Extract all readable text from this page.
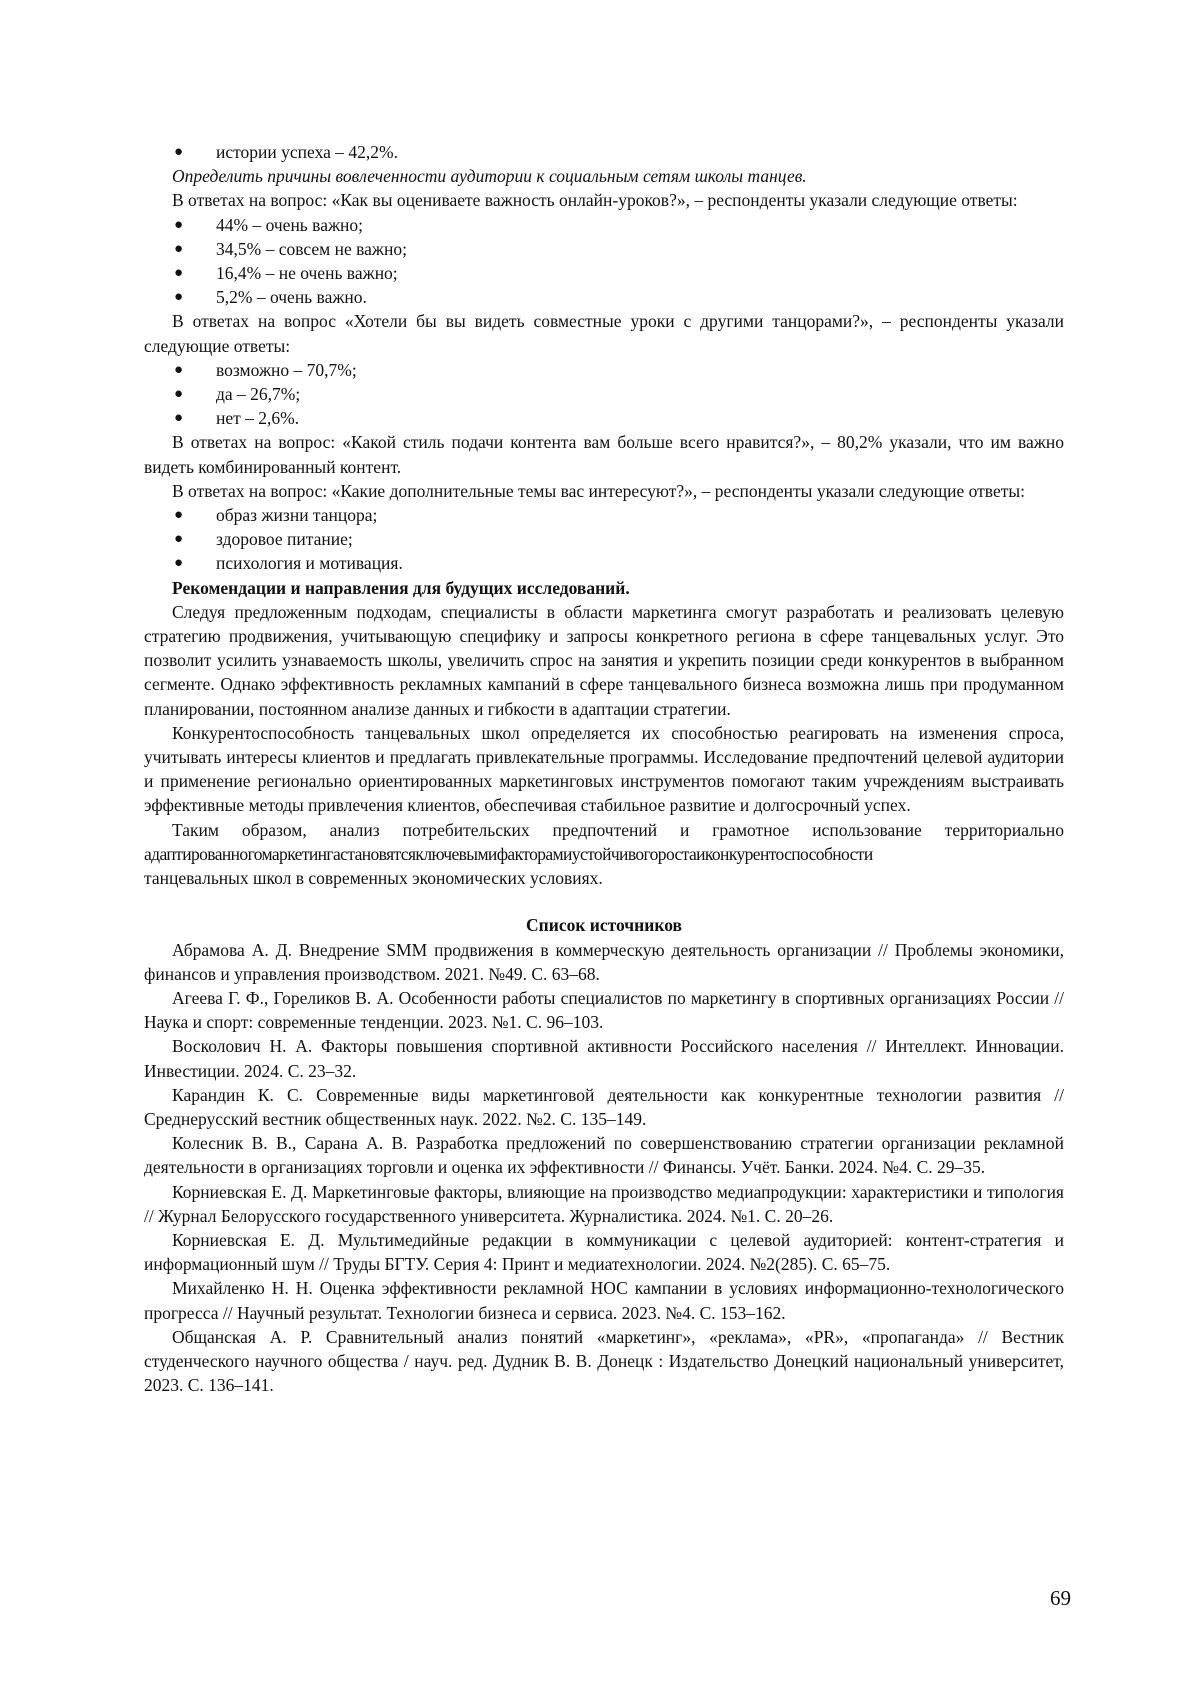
● истории успеха – 42,2%.

Определить причины вовлеченности аудитории к социальным сетям школы танцев.

В ответах на вопрос: «Как вы оцениваете важность онлайн-уроков?», – респонденты указали следующие ответы:

● 44% – очень важно;
● 34,5% – совсем не важно;
● 16,4% – не очень важно;
● 5,2% – очень важно.

В ответах на вопрос «Хотели бы вы видеть совместные уроки с другими танцорами?», – респонденты указали следующие ответы:

● возможно – 70,7%;
● да – 26,7%;
● нет – 2,6%.

В ответах на вопрос: «Какой стиль подачи контента вам больше всего нравится?», – 80,2% указали, что им важно видеть комбинированный контент.

В ответах на вопрос: «Какие дополнительные темы вас интересуют?», – респонденты указали следующие ответы:

● образ жизни танцора;
● здоровое питание;
● психология и мотивация.

Рекомендации и направления для будущих исследований.

Следуя предложенным подходам, специалисты в области маркетинга смогут разработать и реализовать целевую стратегию продвижения, учитывающую специфику и запросы конкретного региона в сфере танцевальных услуг. Это позволит усилить узнаваемость школы, увеличить спрос на занятия и укрепить позиции среди конкурентов в выбранном сегменте. Однако эффективность рекламных кампаний в сфере танцевального бизнеса возможна лишь при продуманном планировании, постоянном анализе данных и гибкости в адаптации стратегии.

Конкурентоспособность танцевальных школ определяется их способностью реагировать на изменения спроса, учитывать интересы клиентов и предлагать привлекательные программы. Исследование предпочтений целевой аудитории и применение регионально ориентированных маркетинговых инструментов помогают таким учреждениям выстраивать эффективные методы привлечения клиентов, обеспечивая стабильное развитие и долгосрочный успех.

Таким образом, анализ потребительских предпочтений и грамотное использование территориально
адаптированногомаркетингастановятсяключевымифакторамиустойчивогоростаиконкурентоспособности
танцевальных школ в современных экономических условиях.

Список источников

Абрамова А. Д. Внедрение SMM продвижения в коммерческую деятельность организации // Проблемы экономики, финансов и управления производством. 2021. №49. С. 63–68.

Агеева Г. Ф., Гореликов В. А. Особенности работы специалистов по маркетингу в спортивных организациях России // Наука и спорт: современные тенденции. 2023. №1. С. 96–103.

Восколович Н. А. Факторы повышения спортивной активности Российского населения // Интеллект. Инновации. Инвестиции. 2024. С. 23–32.

Карандин К. С. Современные виды маркетинговой деятельности как конкурентные технологии развития // Среднерусский вестник общественных наук. 2022. №2. С. 135–149.

Колесник В. В., Сарана А. В. Разработка предложений по совершенствованию стратегии организации рекламной деятельности в организациях торговли и оценка их эффективности // Финансы. Учёт. Банки. 2024. №4. С. 29–35.

Корниевская Е. Д. Маркетинговые факторы, влияющие на производство медиапродукции: характеристики и типология // Журнал Белорусского государственного университета. Журналистика. 2024. №1. С. 20–26.

Корниевская Е. Д. Мультимедийные редакции в коммуникации с целевой аудиторией: контент-стратегия и информационный шум // Труды БГТУ. Серия 4: Принт и медиатехнологии. 2024. №2(285). С. 65–75.

Михайленко Н. Н. Оценка эффективности рекламной НОС кампании в условиях информационно-технологического прогресса // Научный результат. Технологии бизнеса и сервиса. 2023. №4. С. 153–162.

Общанская А. Р. Сравнительный анализ понятий «маркетинг», «реклама», «PR», «пропаганда» // Вестник студенческого научного общества / науч. ред. Дудник В. В. Донецк : Издательство Донецкий национальный университет, 2023. С. 136–141.

69
